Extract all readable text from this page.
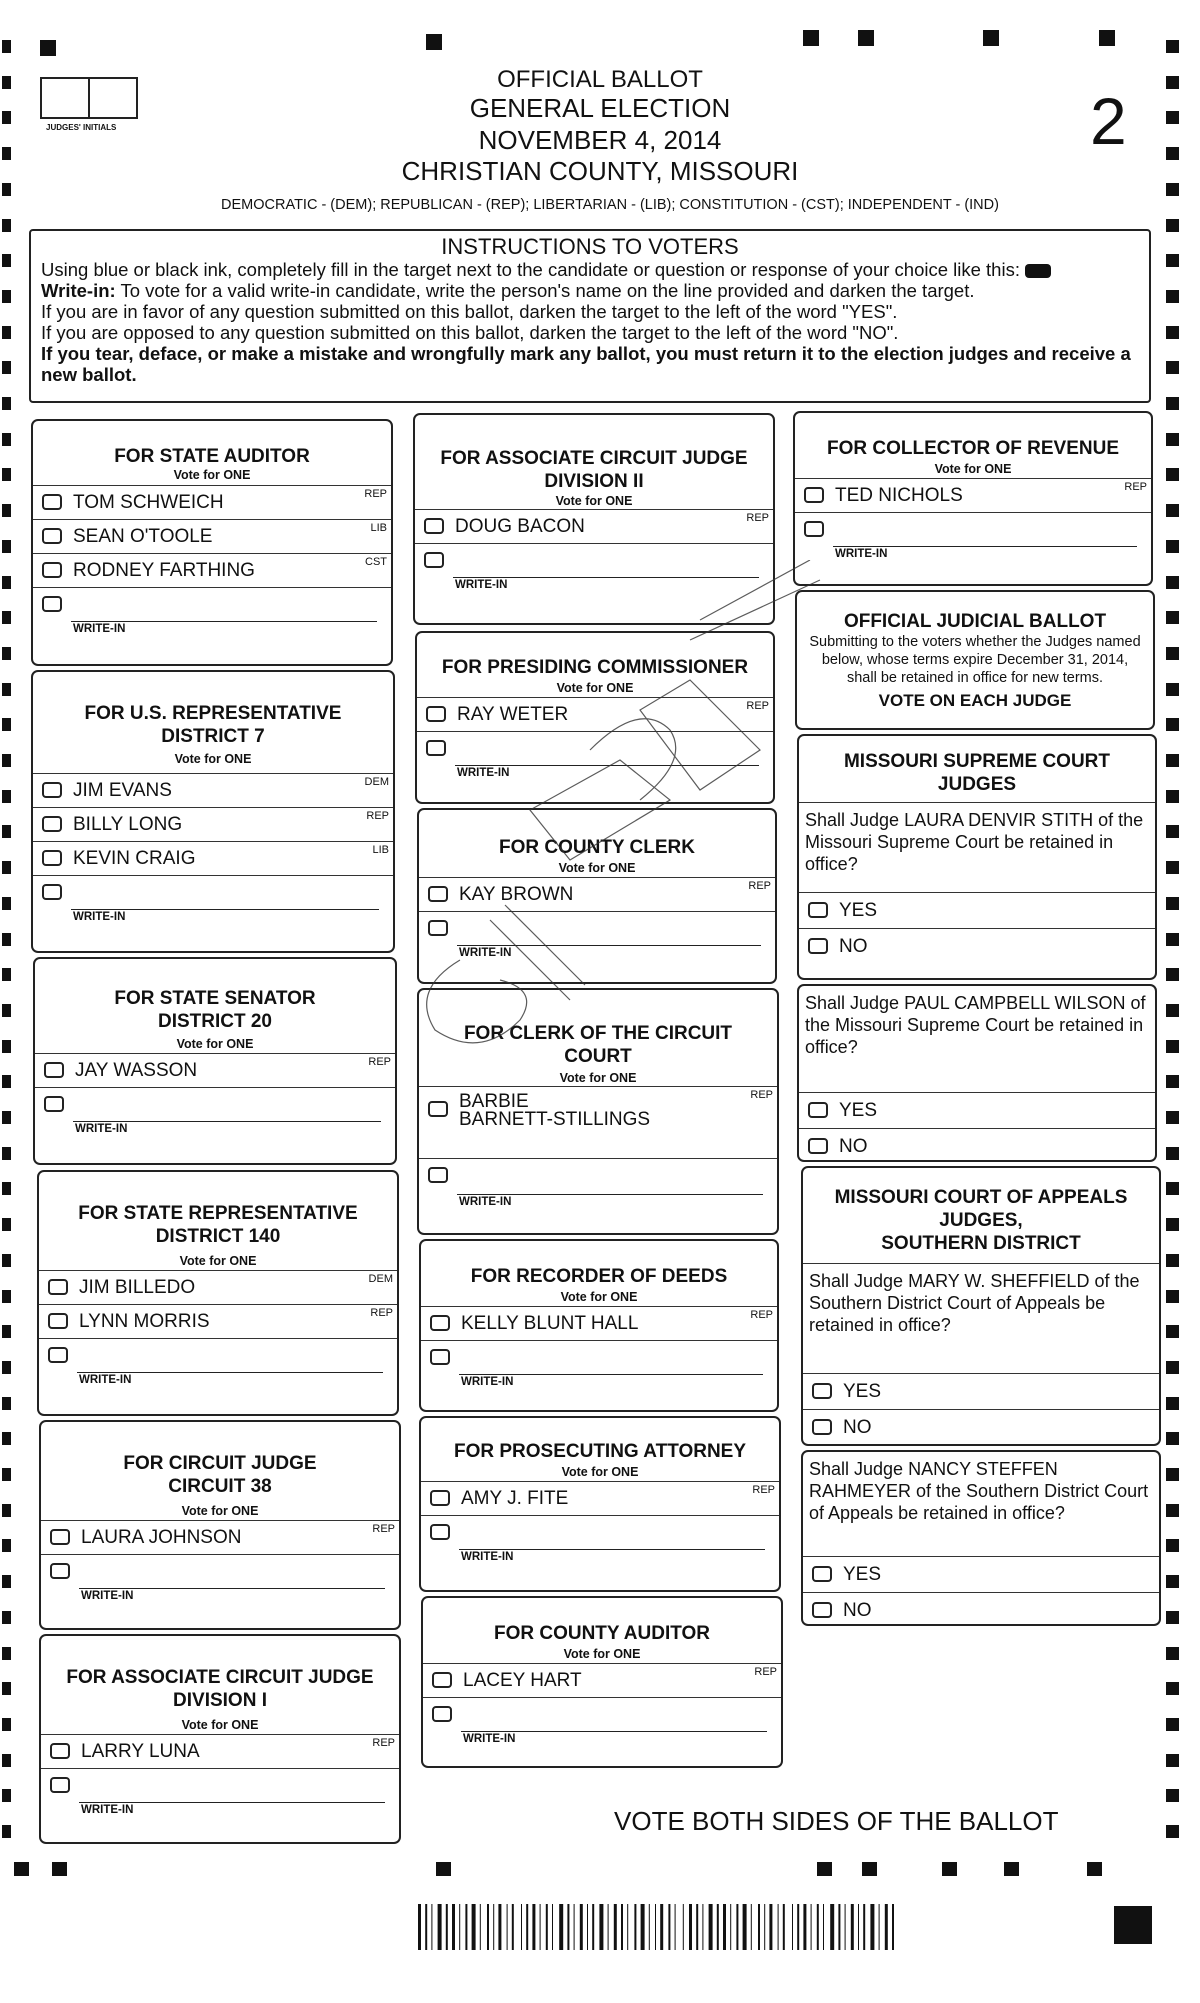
JUDGES' INITIALS	2
OFFICIAL BALLOT
GENERAL ELECTION
NOVEMBER 4, 2014
CHRISTIAN COUNTY, MISSOURI
DEMOCRATIC - (DEM); REPUBLICAN - (REP); LIBERTARIAN - (LIB); CONSTITUTION - (CST); INDEPENDENT - (IND)
INSTRUCTIONS TO VOTERS
Using blue or black ink, completely fill in the target next to the candidate or question or response of your choice like this:
Write-in: To vote for a valid write-in candidate, write the person's name on the line provided and darken the target.
If you are in favor of any question submitted on this ballot, darken the target to the left of the word "YES".
If you are opposed to any question submitted on this ballot, darken the target to the left of the word "NO".
If you tear, deface, or make a mistake and wrongfully mark any ballot, you must return it to the election judges and receive a new ballot.
FOR STATE AUDITOR
Vote for ONE
TOM SCHWEICH	REP
SEAN O'TOOLE	LIB
RODNEY FARTHING	CST
WRITE-IN
FOR U.S. REPRESENTATIVE
DISTRICT 7
Vote for ONE
JIM EVANS	DEM
BILLY LONG	REP
KEVIN CRAIG	LIB
WRITE-IN
FOR STATE SENATOR
DISTRICT 20
Vote for ONE
JAY WASSON	REP
WRITE-IN
FOR STATE REPRESENTATIVE
DISTRICT 140
Vote for ONE
JIM BILLEDO	DEM
LYNN MORRIS	REP
WRITE-IN
FOR CIRCUIT JUDGE
CIRCUIT 38
Vote for ONE
LAURA JOHNSON	REP
WRITE-IN
FOR ASSOCIATE CIRCUIT JUDGE
DIVISION I
Vote for ONE
LARRY LUNA	REP
WRITE-IN
FOR ASSOCIATE CIRCUIT JUDGE
DIVISION II
Vote for ONE
DOUG BACON	REP
WRITE-IN
FOR PRESIDING COMMISSIONER
Vote for ONE
RAY WETER	REP
WRITE-IN
FOR COUNTY CLERK
Vote for ONE
KAY BROWN	REP
WRITE-IN
FOR CLERK OF THE CIRCUIT
COURT
Vote for ONE
BARBIE
BARNETT-STILLINGS
REP
WRITE-IN
FOR RECORDER OF DEEDS
Vote for ONE
KELLY BLUNT HALL	REP
WRITE-IN
FOR PROSECUTING ATTORNEY
Vote for ONE
AMY J. FITE	REP
WRITE-IN
FOR COUNTY AUDITOR
Vote for ONE
LACEY HART	REP
WRITE-IN
FOR COLLECTOR OF REVENUE
Vote for ONE
TED NICHOLS	REP
WRITE-IN
OFFICIAL JUDICIAL BALLOT
Submitting to the voters whether the Judges named below, whose terms expire December 31, 2014, shall be retained in office for new terms.
VOTE ON EACH JUDGE
MISSOURI SUPREME COURT
JUDGES
Shall Judge LAURA DENVIR STITH of the Missouri Supreme Court be retained in office?
YES
NO
Shall Judge PAUL CAMPBELL WILSON of the Missouri Supreme Court be retained in office?
YES
NO
MISSOURI COURT OF APPEALS
JUDGES,
SOUTHERN DISTRICT
Shall Judge MARY W. SHEFFIELD of the Southern District Court of Appeals be retained in office?
YES
NO
Shall Judge NANCY STEFFEN RAHMEYER of the Southern District Court of Appeals be retained in office?
YES
NO
VOTE BOTH SIDES OF THE BALLOT
